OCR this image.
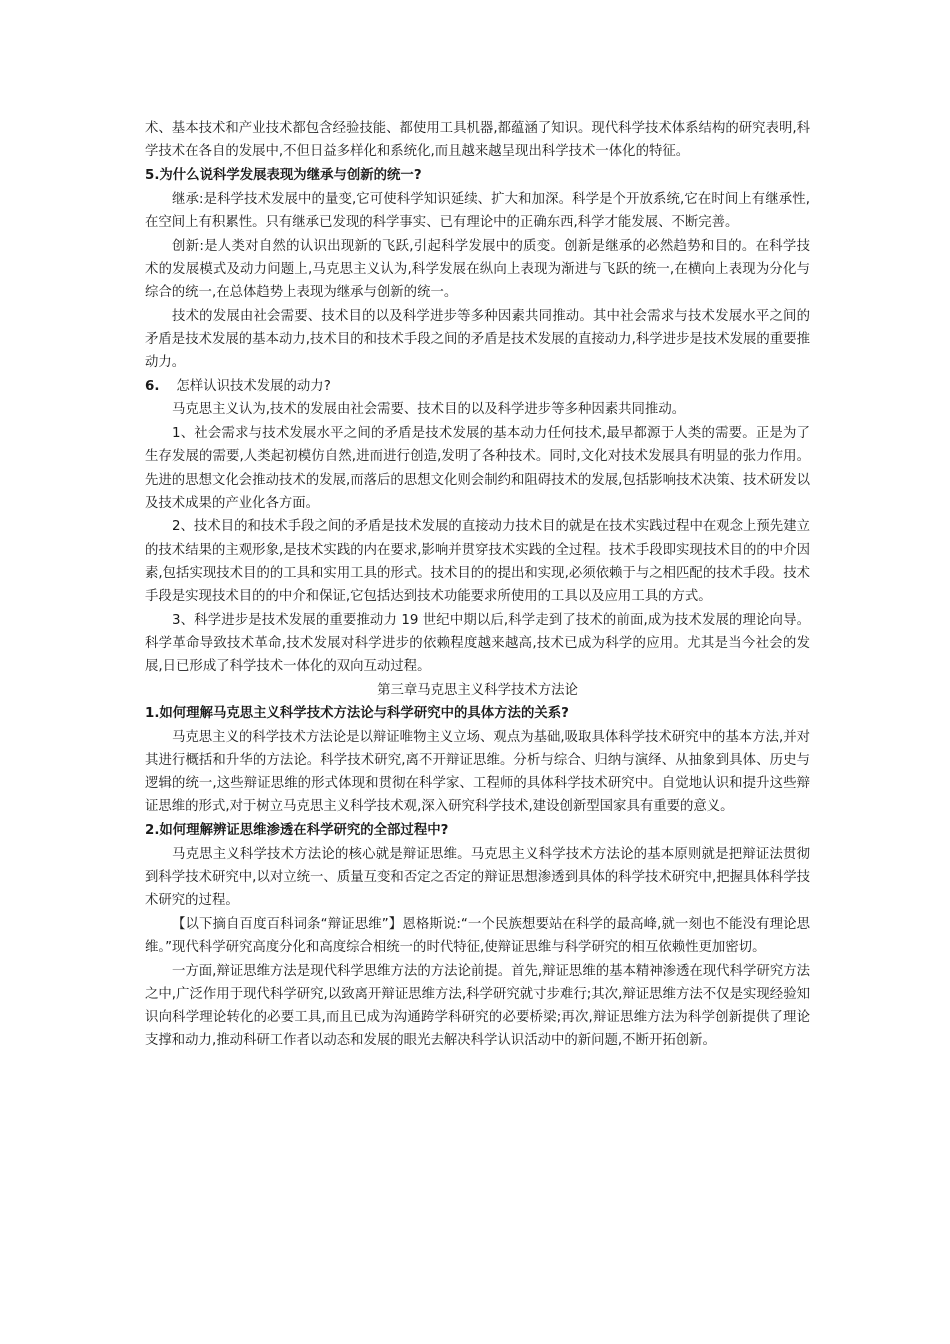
术、基本技术和产业技术都包含经验技能、都使用工具机器,都蕴涵了知识。现代科学技术体系结构的研究表明,科学技术在各自的发展中,不但日益多样化和系统化,而且越来越呈现出科学技术一体化的特征。

5.为什么说科学发展表现为继承与创新的统一?

继承:是科学技术发展中的量变,它可使科学知识延续、扩大和加深。科学是个开放系统,它在时间上有继承性,在空间上有积累性。只有继承已发现的科学事实、已有理论中的正确东西,科学才能发展、不断完善。

创新:是人类对自然的认识出现新的飞跃,引起科学发展中的质变。创新是继承的必然趋势和目的。在科学技术的发展模式及动力问题上,马克思主义认为,科学发展在纵向上表现为渐进与飞跃的统一,在横向上表现为分化与综合的统一,在总体趋势上表现为继承与创新的统一。

技术的发展由社会需要、技术目的以及科学进步等多种因素共同推动。其中社会需求与技术发展水平之间的矛盾是技术发展的基本动力,技术目的和技术手段之间的矛盾是技术发展的直接动力,科学进步是技术发展的重要推动力。

6. 怎样认识技术发展的动力?

马克思主义认为,技术的发展由社会需要、技术目的以及科学进步等多种因素共同推动。

1、社会需求与技术发展水平之间的矛盾是技术发展的基本动力任何技术,最早都源于人类的需要。正是为了生存发展的需要,人类起初模仿自然,进而进行创造,发明了各种技术。同时,文化对技术发展具有明显的张力作用。先进的思想文化会推动技术的发展,而落后的思想文化则会制约和阻碍技术的发展,包括影响技术决策、技术研发以及技术成果的产业化各方面。

2、技术目的和技术手段之间的矛盾是技术发展的直接动力技术目的就是在技术实践过程中在观念上预先建立的技术结果的主观形象,是技术实践的内在要求,影响并贯穿技术实践的全过程。技术手段即实现技术目的的中介因素,包括实现技术目的的工具和实用工具的形式。技术目的的提出和实现,必须依赖于与之相匹配的技术手段。技术手段是实现技术目的的中介和保证,它包括达到技术功能要求所使用的工具以及应用工具的方式。

3、科学进步是技术发展的重要推动力 19 世纪中期以后,科学走到了技术的前面,成为技术发展的理论向导。科学革命导致技术革命,技术发展对科学进步的依赖程度越来越高,技术已成为科学的应用。尤其是当今社会的发展,日已形成了科学技术一体化的双向互动过程。

第三章马克思主义科学技术方法论

1.如何理解马克思主义科学技术方法论与科学研究中的具体方法的关系?

马克思主义的科学技术方法论是以辩证唯物主义立场、观点为基础,吸取具体科学技术研究中的基本方法,并对其进行概括和升华的方法论。科学技术研究,离不开辩证思维。分析与综合、归纳与演绎、从抽象到具体、历史与逻辑的统一,这些辩证思维的形式体现和贯彻在科学家、工程师的具体科学技术研究中。自觉地认识和提升这些辩证思维的形式,对于树立马克思主义科学技术观,深入研究科学技术,建设创新型国家具有重要的意义。

2.如何理解辨证思维渗透在科学研究的全部过程中?

马克思主义科学技术方法论的核心就是辩证思维。马克思主义科学技术方法论的基本原则就是把辩证法贯彻到科学技术研究中,以对立统一、质量互变和否定之否定的辩证思想渗透到具体的科学技术研究中,把握具体科学技术研究的过程。

【以下摘自百度百科词条“辩证思维”】恩格斯说:“一个民族想要站在科学的最高峰,就一刻也不能没有理论思维。”现代科学研究高度分化和高度综合相统一的时代特征,使辩证思维与科学研究的相互依赖性更加密切。

一方面,辩证思维方法是现代科学思维方法的方法论前提。首先,辩证思维的基本精神渗透在现代科学研究方法之中,广泛作用于现代科学研究,以致离开辩证思维方法,科学研究就寸步难行;其次,辩证思维方法不仅是实现经验知识向科学理论转化的必要工具,而且已成为沟通跨学科研究的必要桥梁;再次,辩证思维方法为科学创新提供了理论支撑和动力,推动科研工作者以动态和发展的眼光去解决科学认识活动中的新问题,不断开拓创新。
